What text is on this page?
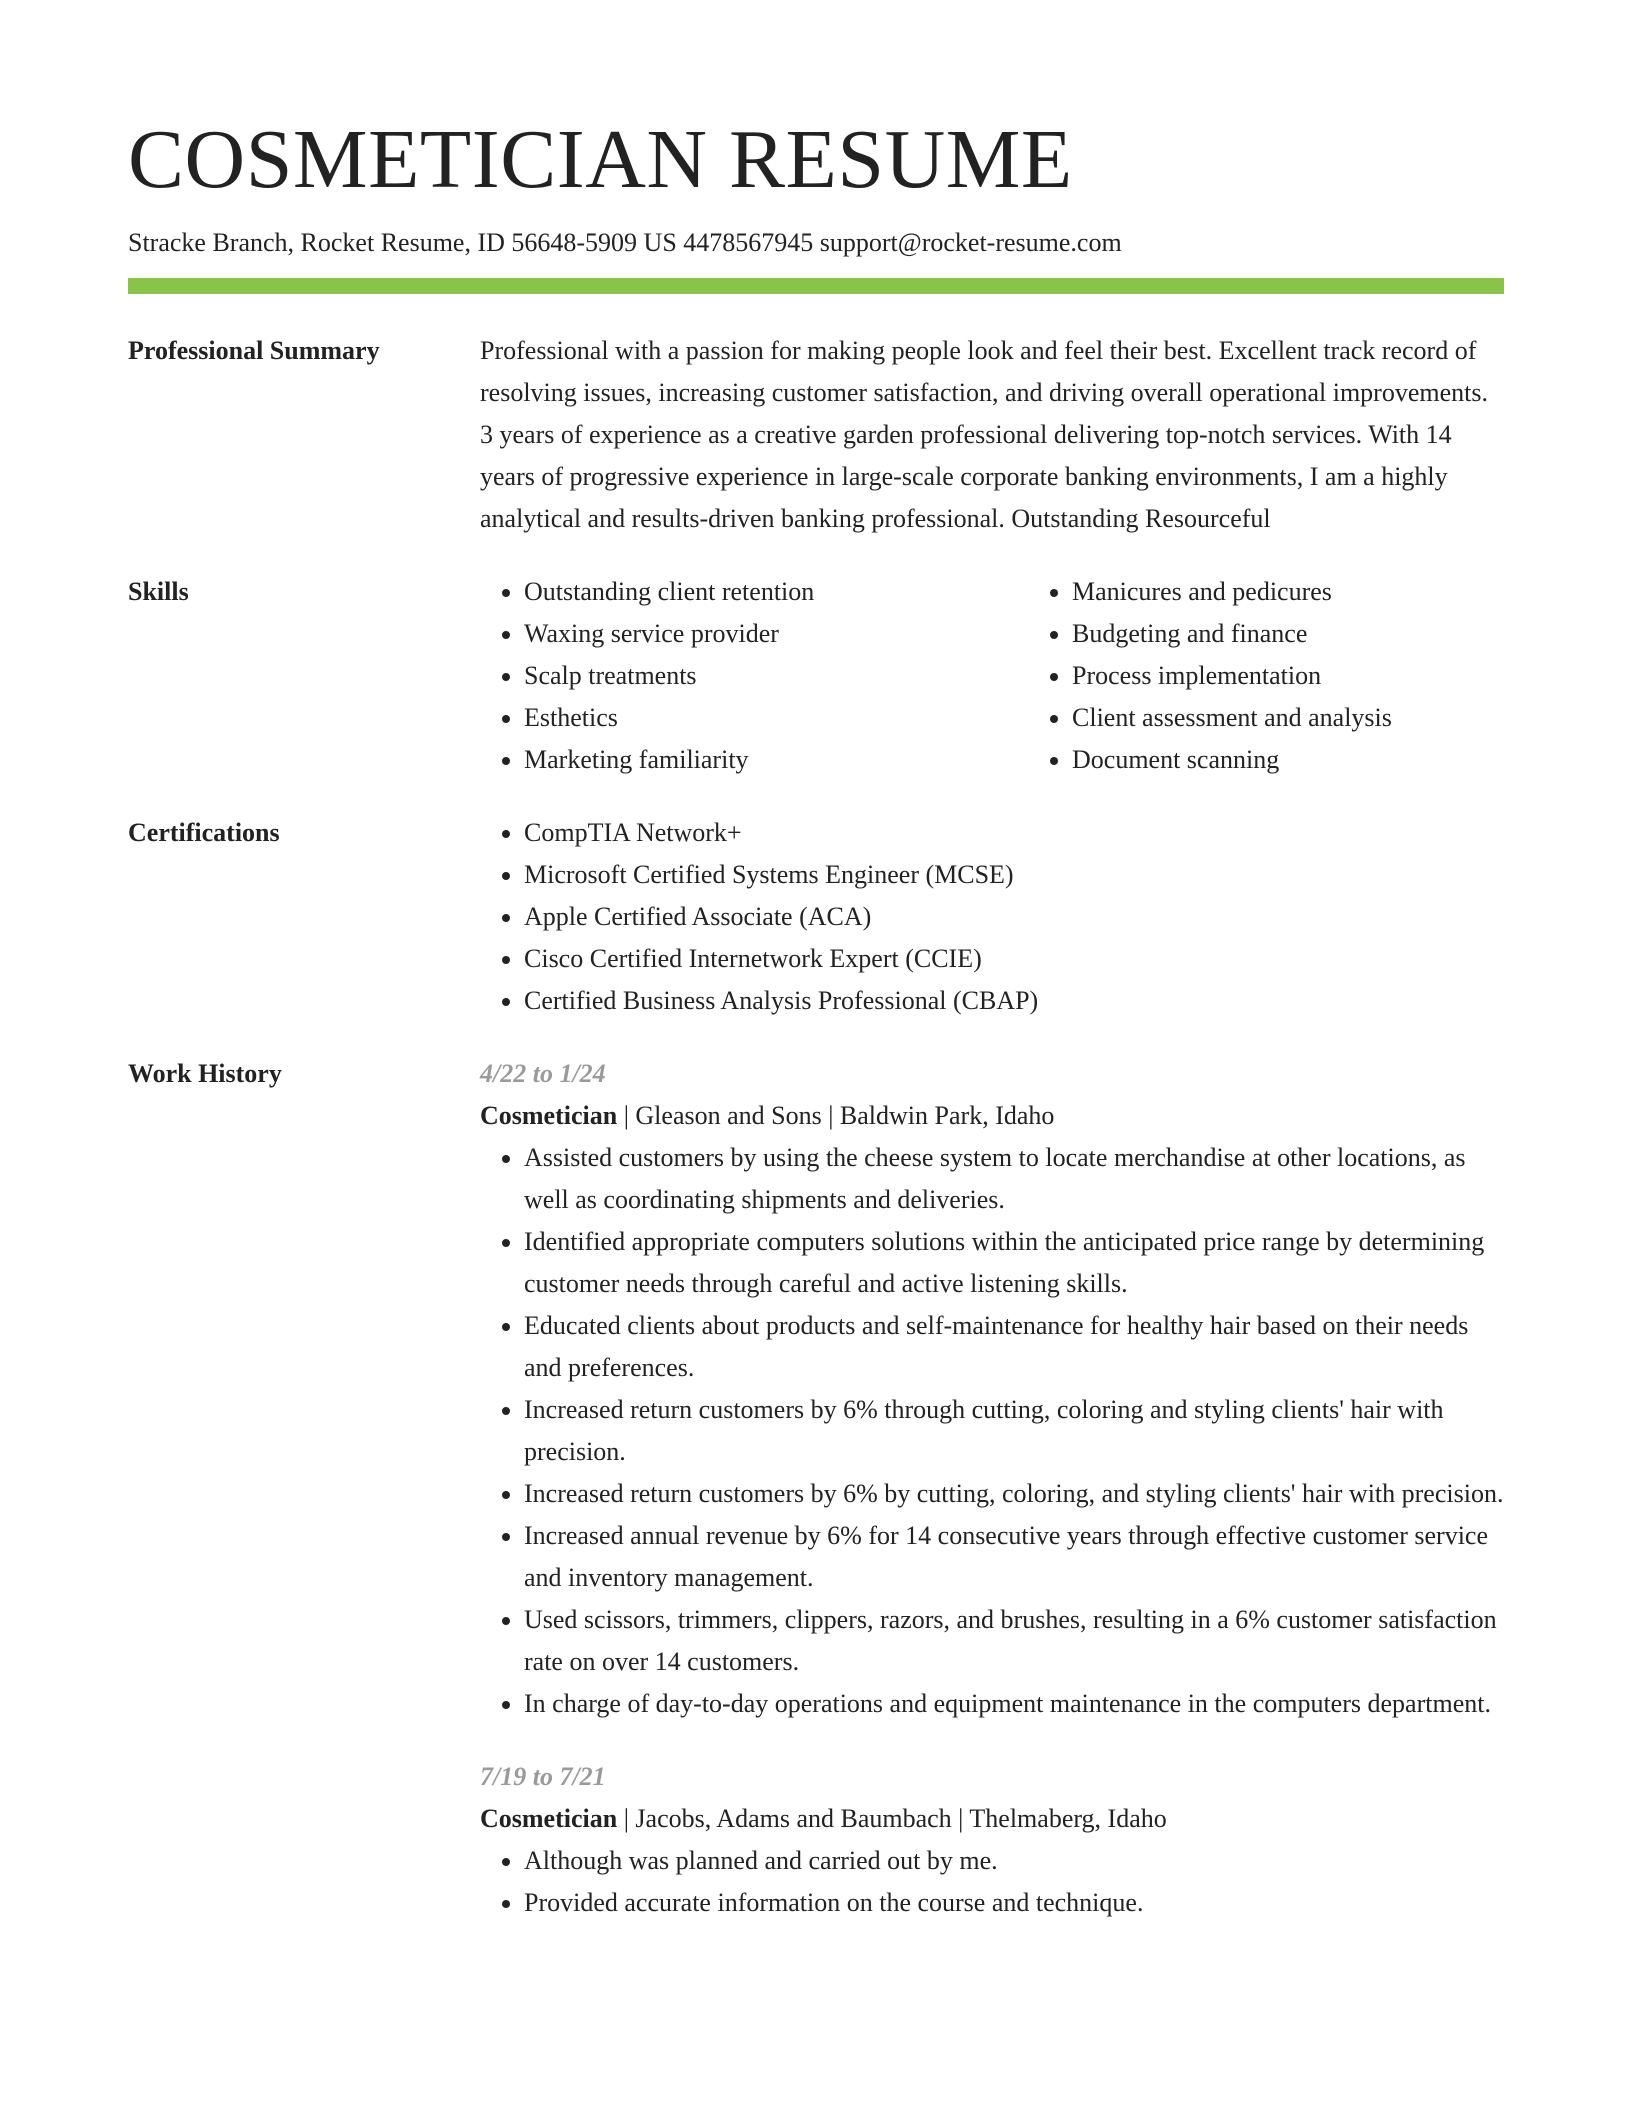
COSMETICIAN RESUME
Stracke Branch, Rocket Resume, ID 56648-5909 US 4478567945 support@rocket-resume.com
Professional Summary	Professional with a passion for making people look and feel their best. Excellent track record of resolving issues, increasing customer satisfaction, and driving overall operational improvements. 3 years of experience as a creative garden professional delivering top-notch services. With 14 years of progressive experience in large-scale corporate banking environments, I am a highly analytical and results-driven banking professional. Outstanding Resourceful

Skills	• Outstanding client retention
• Waxing service provider
• Scalp treatments
• Esthetics
• Marketing familiarity
• Manicures and pedicures
• Budgeting and finance
• Process implementation
• Client assessment and analysis
• Document scanning
Certifications	• CompTIA Network+
• Microsoft Certified Systems Engineer (MCSE)
• Apple Certified Associate (ACA)
• Cisco Certified Internetwork Expert (CCIE)
• Certified Business Analysis Professional (CBAP)
Work History	4/22 to 1/24
Cosmetician | Gleason and Sons | Baldwin Park, Idaho
• Assisted customers by using the cheese system to locate merchandise at other locations, as well as coordinating shipments and deliveries.
• Identified appropriate computers solutions within the anticipated price range by determining customer needs through careful and active listening skills.
• Educated clients about products and self-maintenance for healthy hair based on their needs and preferences.
• Increased return customers by 6% through cutting, coloring and styling clients' hair with precision.
• Increased return customers by 6% by cutting, coloring, and styling clients' hair with precision.
• Increased annual revenue by 6% for 14 consecutive years through effective customer service and inventory management.
• Used scissors, trimmers, clippers, razors, and brushes, resulting in a 6% customer satisfaction rate on over 14 customers.
• In charge of day-to-day operations and equipment maintenance in the computers department.
7/19 to 7/21
Cosmetician | Jacobs, Adams and Baumbach | Thelmaberg, Idaho
• Although was planned and carried out by me.
• Provided accurate information on the course and technique.
